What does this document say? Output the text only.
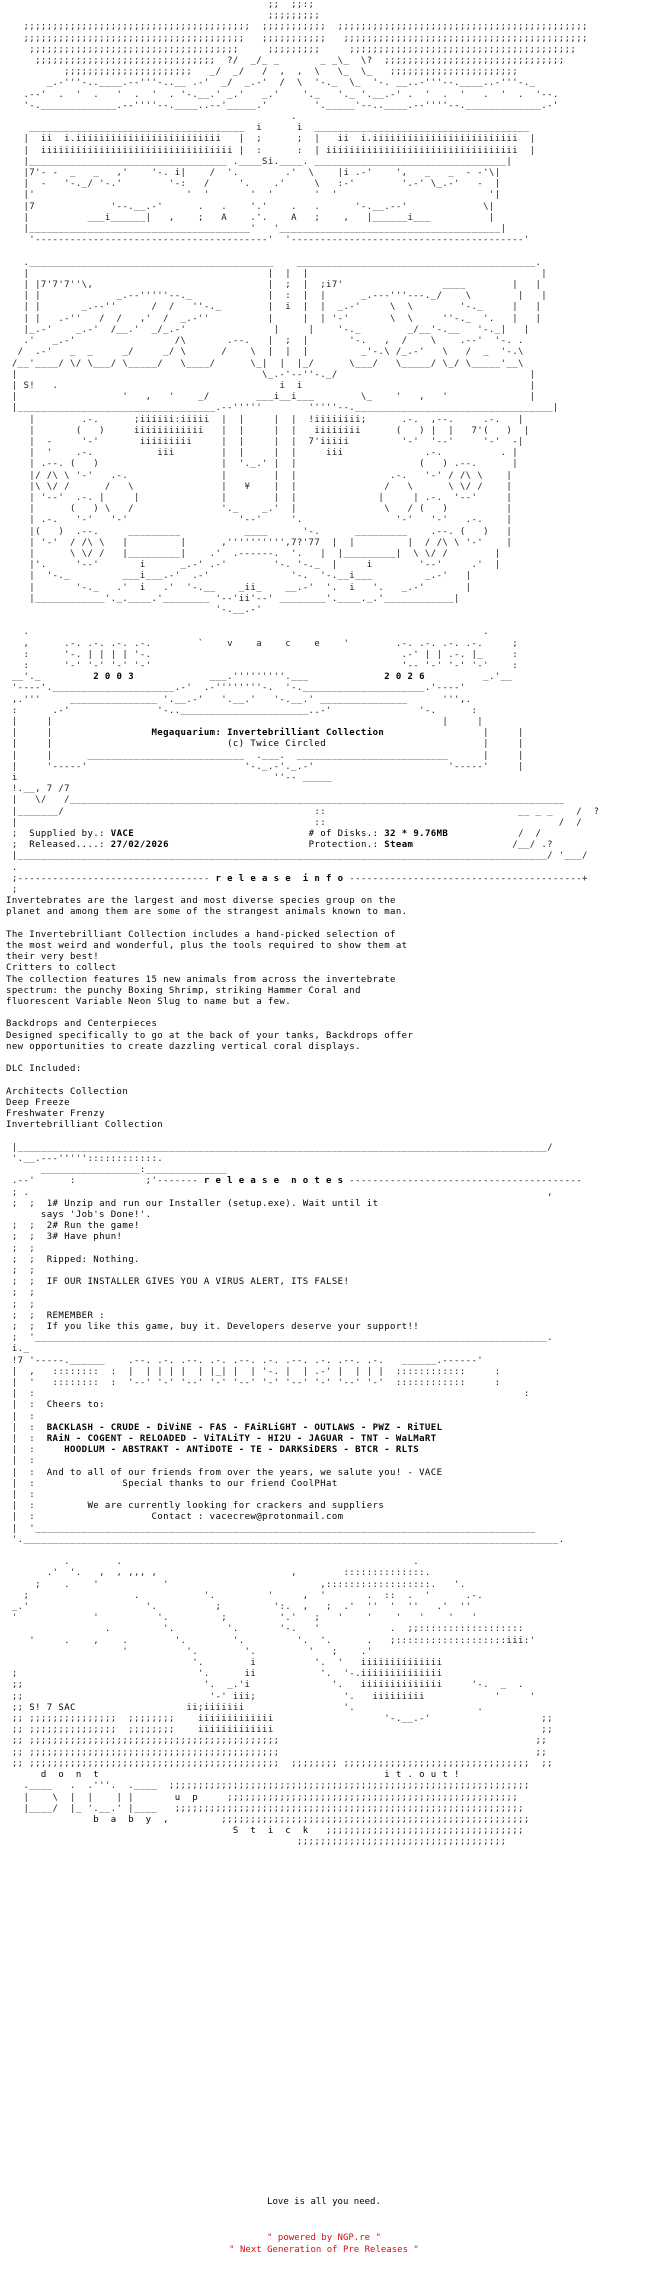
;;  ;;:;
;;;;;;;;;
;;;;;;;;;;;;;;;;;;;;;;;;;;;;;;;;;;;;;;;  ;;;;;;;;;;;  ;;;;;;;;;;;;;;;;;;;;;;;;;;;;;;;;;;;;;;;;;;;
;;;;;;;;;;;;;;;;;;;;;;;;;;;;;;;;;;;;;;   ;;;;;;;;;;;   ;;;;;;;;;;;;;;;;;;;;;;;;;;;;;;;;;;;;;;;;;;
;;;;;;;;;;;;;;;;;;;;;;;;;;;;;;;;;;;;     ;;;;;;;;;     ;;;;;;;;;;;;;;;;;;;;;;;;;;;;;;;;;;;;;;;
;;;;;;;;;;;;;;;;;;;;;;;;;;;;;;;  ?/  _/_ _       _ _\_  \?  ;;;;;;;;;;;;;;;;;;;;;;;;;;;;;;;
;;;;;;;;;;;;;;;;;;;;;;   _/  _/   /  ,  ,  \   \_  \_   ;;;;;;;;;;;;;;;;;;;;;;
_.-'''-..____.--'''-..__ .-'  _/  _.-'  /  \  '-._  \_  '-. __..-'''--.____..-'''-._
.--'  .  '  .   '  .  '  . '-.__.' _.'   _.'    '._   '._ '.__.-' .  '  .  '   .  '  .  '--.
'-._____________.--''''--.____..--'_____.'        '._____'--..____.--''''--._____________.-'
.
_____________________________________  i      i  _____________________________________
|  ii  i.iiiiiiiiiiiiiiiiiiiiiiiii   |  ;      ;  |   ii  i.iiiiiiiiiiiiiiiiiiiiiiiii  |
|  iiiiiiiiiiiiiiiiiiiiiiiiiiiiiiiii |  :      :  | iiiiiiiiiiiiiiiiiiiiiiiiiiiiiiiii  |
|__________________________________ .____Si.____. _________________________________|
|7'- -  _   _   ,'    '-. i|    /  '.        .'  \    |i .-'    ',   _   _  - -'\|
|  -   '-._/ '-.'        '-:   /     '.    .'     \   :-'        '.-' \_.-'   -  |
|'                          '  '       '  '       '  '                          '|
|7             '--.__.-'      .   .    '.'    .   .      '-.__.--'             \|
|          ___i______|   ,    ;   A    .'.    A   ;    ,   |______i___          |
|______________________________________'   '______________________________________|
'----------------------------------------'  '----------------------------------------'

.__________________________________________    _________________________________________.
|                                         |  |  |                                        |
| |7'7'7''\,                              |  ;  |  ;i7'                 ____        |   |
| |             _.--'''''--._             |  :  |  |      _.---'''---._/    \        |   |
| |       _.--''      /  /   ''-._        |  i  |  |  _.-'     \  \        '-._     |   |
| |   .-''   /  /   ,'  /  _.-''          |     |  | '-'       \  \     ''-._  '.   |   |
|_.-'    _.-'  /__.'  _/_.-'               |     |    '-._        _/__'-.__   '-._|   |
.'   _.-'                 /\       .--.   |  ;  |       '-.   ,  /    \    .--'  '-. .
/  .-'   _  _     _/     _/ \      /    \  |  |  |         _'-.\ /_.-'   \   /  _  '-.\
/__'____/ \/ \___/ \_____/   \____/      \_|  |  |_/      \___/   \_____/ \_/ \_____'__\
|                                          \_.-'--''-._/                                 |
| S!   .                                      i  i                                       |
|                  '   ,   '    _/        ___i__i___        \_    '   ,   '              |
|__________________________________.--'''''        '''''--.__________________________________|
|        .-.      ;iiiiii:iiiii  |  |     |  |  !iiiiiiii;      .-.  ,--.     .-.   |
|       (   )     iiiiiiiiiiii   |  |     |  |   iiiiiiii      (   ) |  |   7'(   )  |
|  -     '-'       iiiiiiiii     |  |     |  |  7'iiiii         '-'  '--'     '-'  -|
|  '    .-.           iii        |  |     |  |     iii              .-.          . |
| .--. (   )                     |  '._.' |  |                     (   ) .--.      |
|/ /\ \ '-'   .-.                |        |  |                .-.   '-' / /\ \    |
|\ \/ /      /   \               |   ¥    |  |               /   \      \ \/ /    |
| '--'  .-. |     |              |        |  |              |     | .-.  '--'     |
|      (   ) \   /               '._    _.'  |               \   / (   )          |
| .-.   '-'   '-'                   '--'     '.                '-'   '-'   .-.    |
|(   )  .--.     _________           ____      '-.      _________    .--. (   )   |
| '-'  / /\ \   |         |      ,'''''''''',7?'77  |  |         |  / /\ \ '-'    |
|      \ \/ /   |_________|    .'  .------.  '.   |  |_________|  \ \/ /        |
|'.     '--'       i      _.-' .-'        '-. '-._  |     i        '--'     .'  |
|  '-._         ___i___.-'  .-'              '-.  '-.__i___         _.-'   |
|       '-._   .'  i   .'  '-.__    _ii_    __.-'  '.  i   '.   _.-'       |
|____________'._.____.'________ '--'ii'--' ________'.____._.'____________|
'-.__.-'

.                                                                              .
,      .-. .-. .-. .-.        `    v    a    c    e    '        .-. .-. .-. .-.     ;
:      '-. | | | | '-.                                           .-' | | .-. |_     :
:      '-' '-' '-' '-'                                           '-- '-' '-' '-'    :
__'._	2 0 0 3             ___.'''''''''.___             2 0 2 6	_.'__
'----'._____________________.-'  .-''''''''-.  '-._____________________.'----'
,.'''     _______________ '.__.-'   '.__.'   '-.__.' _______________      ''',.
:      .-'               '-..______________________..-'               '-.      :
|     |                                                                   |     |
|     |	Megaquarium: Invertebrilliant Collection	|     |
|     |	(c) Twice Circled	|     |
|     |      ___________________________  .___.  __________________________      |     |
|     '-----'                           '-._.-'._.-'                       '-----'     |
i                                            ''-- _____
!.__, 7 /7
|   \/   /_____________________________________________________________________________________
|_______/                                           ::                                 __ _ _    /  ?
|                                                   ::                                        /  /
;  Supplied by.: VACE	# of Disks.: 32 * 9.76MB	/  /
;  Released....: 27/02/2026	Protection.: Steam	/__/ .?
|___________________________________________________________________________________________/ '___/
.
;--------------------------------- r e l e a s e  i n f o ----------------------------------------+
;
Invertebrates are the largest and most diverse species group on the
planet and among them are some of the strangest animals known to man.

The Invertebrilliant Collection includes a hand-picked selection of
the most weird and wonderful, plus the tools required to show them at
their very best!
Critters to collect
The collection features 15 new animals from across the invertebrate
spectrum: the punchy Boxing Shrimp, striking Hammer Coral and
fluorescent Variable Neon Slug to name but a few.

Backdrops and Centerpieces
Designed specifically to go at the back of your tanks, Backdrops offer
new opportunities to create dazzling vertical coral displays.

DLC Included:

Architects Collection
Deep Freeze
Freshwater Frenzy
Invertebrilliant Collection

|___________________________________________________________________________________________/
'.__.---'''''::::::::::::.
_________________:______________
.--'      :            ;'------- r e l e a s e  n o t e s ----------------------------------------
; .                                                                                         ,
;  ;  1# Unzip and run our Installer (setup.exe). Wait until it
says 'Job's Done!'.
;  ;  2# Run the game!
;  ;  3# Have phun!
;  ;
;  ;  Ripped: Nothing.
;  ;
;  ;  IF OUR INSTALLER GIVES YOU A VIRUS ALERT, ITS FALSE!
;  ;
;  ;
;  ;  REMEMBER :
;  ;  If you like this game, buy it. Developers deserve your support!!
;  '________________________________________________________________________________________.
i._
!7 '-----.______    .--. .-. .--. .-. .--. .-. .--. .-. .--. .-.   ______.------'
|  ,   ::::::::  :  |  | | | |  | |_| |  | '-. |  | .-' |  | | |  ::::::::::::     :
|  '   ::::::::  :  '--' '-' '--' '-' '--' '-' '--' '-' '--' '-'  ::::::::::::     :
|  :                                                                                    :
|  :  Cheers to:
|  :
|  :  BACKLASH - CRUDE - DiViNE - FAS - FAiRLiGHT - OUTLAWS - PWZ - RiTUEL
|  :  RAiN - COGENT - RELOADED - ViTALiTY - HI2U - JAGUAR - TNT - WaLMaRT
|  :	HOODLUM - ABSTRAKT - ANTiDOTE - TE - DARKSiDERS - BTCR - RLTS
|  :
|  :  And to all of our friends from over the years, we salute you! - VACE
|  :	Special thanks to our friend CoolPHat
|  :
|  :	We are currently looking for crackers and suppliers
|  :	Contact : vacecrew@protonmail.com
|  '______________________________________________________________________________________
'.____________________________________________________________________________________________.

.        .                                                  .
.'  '.   ,  , ,,, ,                       ,        ::::::::::::::.
;    .    '           '                          ,::::::::::::::::::.   '.
;                  .           '.         '     ,  '       .  ::  .  '      .-.
_.'                    '.          ;         ':.  ,   ;  .'  ''  '  ''   .'  ''
'             '          '.         ;         '.'   ;   '    '    '   '    '   '
.         '.         '.       '-.   '            .  ;;::::::::::::::::::
'     .    ,    .        '.        '.         '.  '.      .   ;:::::::::::::::::::iii:'
'          '.        '.         '   ;    .'
'.        i          '.  '   iiiiiiiiiiiiii
;                               '.      ii           '.  '-.iiiiiiiiiiiiii
;;                               '.  _.'i              '.   iiiiiiiiiiiiii     '-.  _  .
;;                                '-' iii;               '.   iiiiiiiii            '     '
;; S! 7 SAC	ii;iiiiiii                 '.                     .
;; ;;;;;;;;;;;;;;;  ;;;;;;;;    iiiiiiiiiiiii                   '-.__.-'                   ;;
;; ;;;;;;;;;;;;;;;  ;;;;;;;;    iiiiiiiiiiiii                                              ;;
;; ;;;;;;;;;;;;;;;;;;;;;;;;;;;;;;;;;;;;;;;;;;;                                            ;;
;; ;;;;;;;;;;;;;;;;;;;;;;;;;;;;;;;;;;;;;;;;;;;                                            ;;
;; ;;;;;;;;;;;;;;;;;;;;;;;;;;;;;;;;;;;;;;;;;;;  ;;;;;;;; ;;;;;;;;;;;;;;;;;;;;;;;;;;;;;;;;  ;;
d  o  n  t	i t . o u t !
.____   .  .'''.  .____  ;;;;;;;;;;;;;;;;;;;;;;;;;;;;;;;;;;;;;;;;;;;;;;;;;;;;;;;;;;;;;;
|    \  |  |    | |	u  p	;;;;;;;;;;;;;;;;;;;;;;;;;;;;;;;;;;;;;;;;;;;;;;;;;;
|____/  |_ '.__.' |____   ;;;;;;;;;;;;;;;;;;;;;;;;;;;;;;;;;;;;;;;;;;;;;;;;;;;;;;;;;;;;
b  a  b  y  ,	;;;;;;;;;;;;;;;;;;;;;;;;;;;;;;;;;;;;;;;;;;;;;;;;;;;;;
S  t  i  c  k   ;;;;;;;;;;;;;;;;;;;;;;;;;;;;;;;;;;
;;;;;;;;;;;;;;;;;;;;;;;;;;;;;;;;;;;;
Love is all you need.
" powered by NGP.re "
" Next Generation of Pre Releases "
